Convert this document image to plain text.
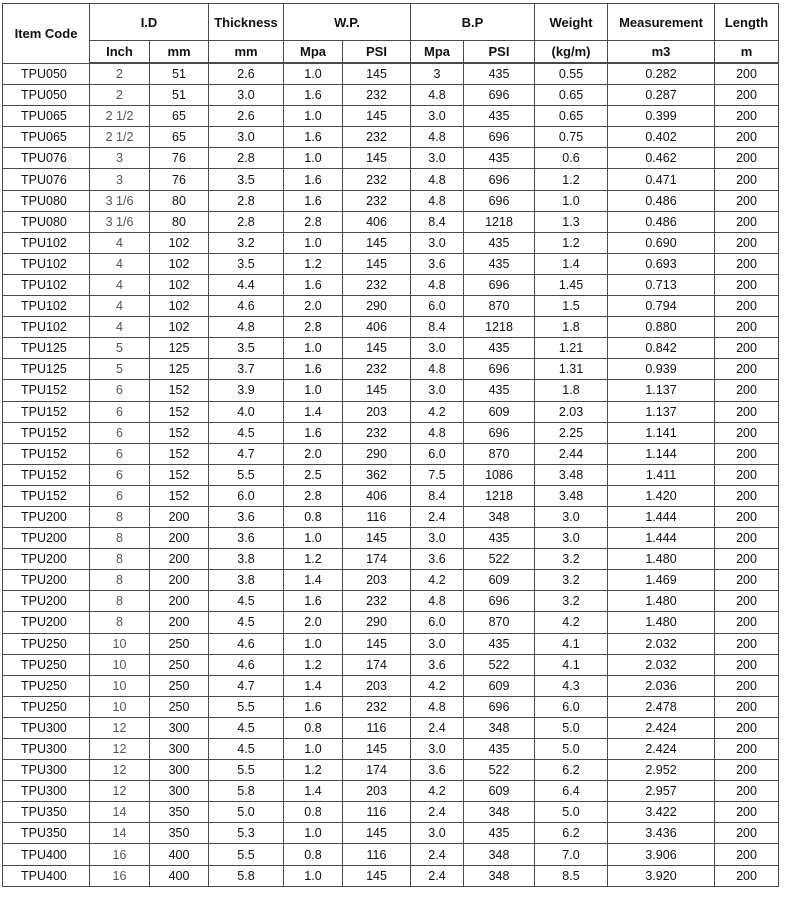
Item Code	I.D		Thickness	W.P.		B.P		Weight	Measurement	Length
	Inch	mm	mm	Mpa	PSI	Mpa	PSI	(kg/m)	m3	m
TPU050	2	51	2.6	1.0	145	3	435	0.55	0.282	200
TPU050	2	51	3.0	1.6	232	4.8	696	0.65	0.287	200
TPU065	2 1/2	65	2.6	1.0	145	3.0	435	0.65	0.399	200
TPU065	2 1/2	65	3.0	1.6	232	4.8	696	0.75	0.402	200
TPU076	3	76	2.8	1.0	145	3.0	435	0.6	0.462	200
TPU076	3	76	3.5	1.6	232	4.8	696	1.2	0.471	200
TPU080	3 1/6	80	2.8	1.6	232	4.8	696	1.0	0.486	200
TPU080	3 1/6	80	2.8	2.8	406	8.4	1218	1.3	0.486	200
TPU102	4	102	3.2	1.0	145	3.0	435	1.2	0.690	200
TPU102	4	102	3.5	1.2	145	3.6	435	1.4	0.693	200
TPU102	4	102	4.4	1.6	232	4.8	696	1.45	0.713	200
TPU102	4	102	4.6	2.0	290	6.0	870	1.5	0.794	200
TPU102	4	102	4.8	2.8	406	8.4	1218	1.8	0.880	200
TPU125	5	125	3.5	1.0	145	3.0	435	1.21	0.842	200
TPU125	5	125	3.7	1.6	232	4.8	696	1.31	0.939	200
TPU152	6	152	3.9	1.0	145	3.0	435	1.8	1.137	200
TPU152	6	152	4.0	1.4	203	4.2	609	2.03	1.137	200
TPU152	6	152	4.5	1.6	232	4.8	696	2.25	1.141	200
TPU152	6	152	4.7	2.0	290	6.0	870	2.44	1.144	200
TPU152	6	152	5.5	2.5	362	7.5	1086	3.48	1.411	200
TPU152	6	152	6.0	2.8	406	8.4	1218	3.48	1.420	200
TPU200	8	200	3.6	0.8	116	2.4	348	3.0	1.444	200
TPU200	8	200	3.6	1.0	145	3.0	435	3.0	1.444	200
TPU200	8	200	3.8	1.2	174	3.6	522	3.2	1.480	200
TPU200	8	200	3.8	1.4	203	4.2	609	3.2	1.469	200
TPU200	8	200	4.5	1.6	232	4.8	696	3.2	1.480	200
TPU200	8	200	4.5	2.0	290	6.0	870	4.2	1.480	200
TPU250	10	250	4.6	1.0	145	3.0	435	4.1	2.032	200
TPU250	10	250	4.6	1.2	174	3.6	522	4.1	2.032	200
TPU250	10	250	4.7	1.4	203	4.2	609	4.3	2.036	200
TPU250	10	250	5.5	1.6	232	4.8	696	6.0	2.478	200
TPU300	12	300	4.5	0.8	116	2.4	348	5.0	2.424	200
TPU300	12	300	4.5	1.0	145	3.0	435	5.0	2.424	200
TPU300	12	300	5.5	1.2	174	3.6	522	6.2	2.952	200
TPU300	12	300	5.8	1.4	203	4.2	609	6.4	2.957	200
TPU350	14	350	5.0	0.8	116	2.4	348	5.0	3.422	200
TPU350	14	350	5.3	1.0	145	3.0	435	6.2	3.436	200
TPU400	16	400	5.5	0.8	116	2.4	348	7.0	3.906	200
TPU400	16	400	5.8	1.0	145	2.4	348	8.5	3.920	200
